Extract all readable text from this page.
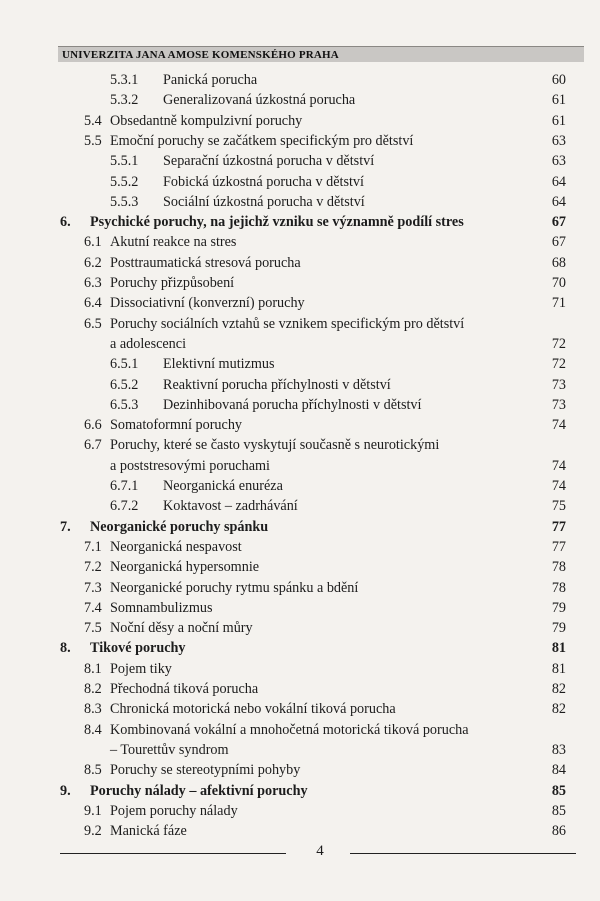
UNIVERZITA JANA AMOSE KOMENSKÉHO PRAHA
5.3.1 Panická porucha	60
5.3.2 Generalizovaná úzkostná porucha	61
5.4 Obsedantně kompulzivní poruchy	61
5.5 Emoční poruchy se začátkem specifickým pro dětství	63
5.5.1 Separační úzkostná porucha v dětství	63
5.5.2 Fobická úzkostná porucha v dětství	64
5.5.3 Sociální úzkostná porucha v dětství	64
6. Psychické poruchy, na jejichž vzniku se významně podílí stres	67
6.1 Akutní reakce na stres	67
6.2 Posttraumatická stresová porucha	68
6.3 Poruchy přizpůsobení	70
6.4 Dissociativní (konverzní) poruchy	71
6.5 Poruchy sociálních vztahů se vznikem specifickým pro dětství
a adolescenci	72
6.5.1 Elektivní mutizmus	72
6.5.2 Reaktivní porucha příchylnosti v dětství	73
6.5.3 Dezinhibovaná porucha příchylnosti v dětství	73
6.6 Somatoformní poruchy	74
6.7 Poruchy, které se často vyskytují současně s neurotickými
a poststresovými poruchami	74
6.7.1 Neorganická enuréza	74
6.7.2 Koktavost – zadrhávání	75
7. Neorganické poruchy spánku	77
7.1 Neorganická nespavost	77
7.2 Neorganická hypersomnie	78
7.3 Neorganické poruchy rytmu spánku a bdění	78
7.4 Somnambulizmus	79
7.5 Noční děsy a noční můry	79
8. Tikové poruchy	81
8.1 Pojem tiky	81
8.2 Přechodná tiková porucha	82
8.3 Chronická motorická nebo vokální tiková porucha	82
8.4 Kombinovaná vokální a mnohočetná motorická tiková porucha
– Tourettův syndrom	83
8.5 Poruchy se stereotypními pohyby	84
9. Poruchy nálady – afektivní poruchy	85
9.1 Pojem poruchy nálady	85
9.2 Manická fáze	86
4
